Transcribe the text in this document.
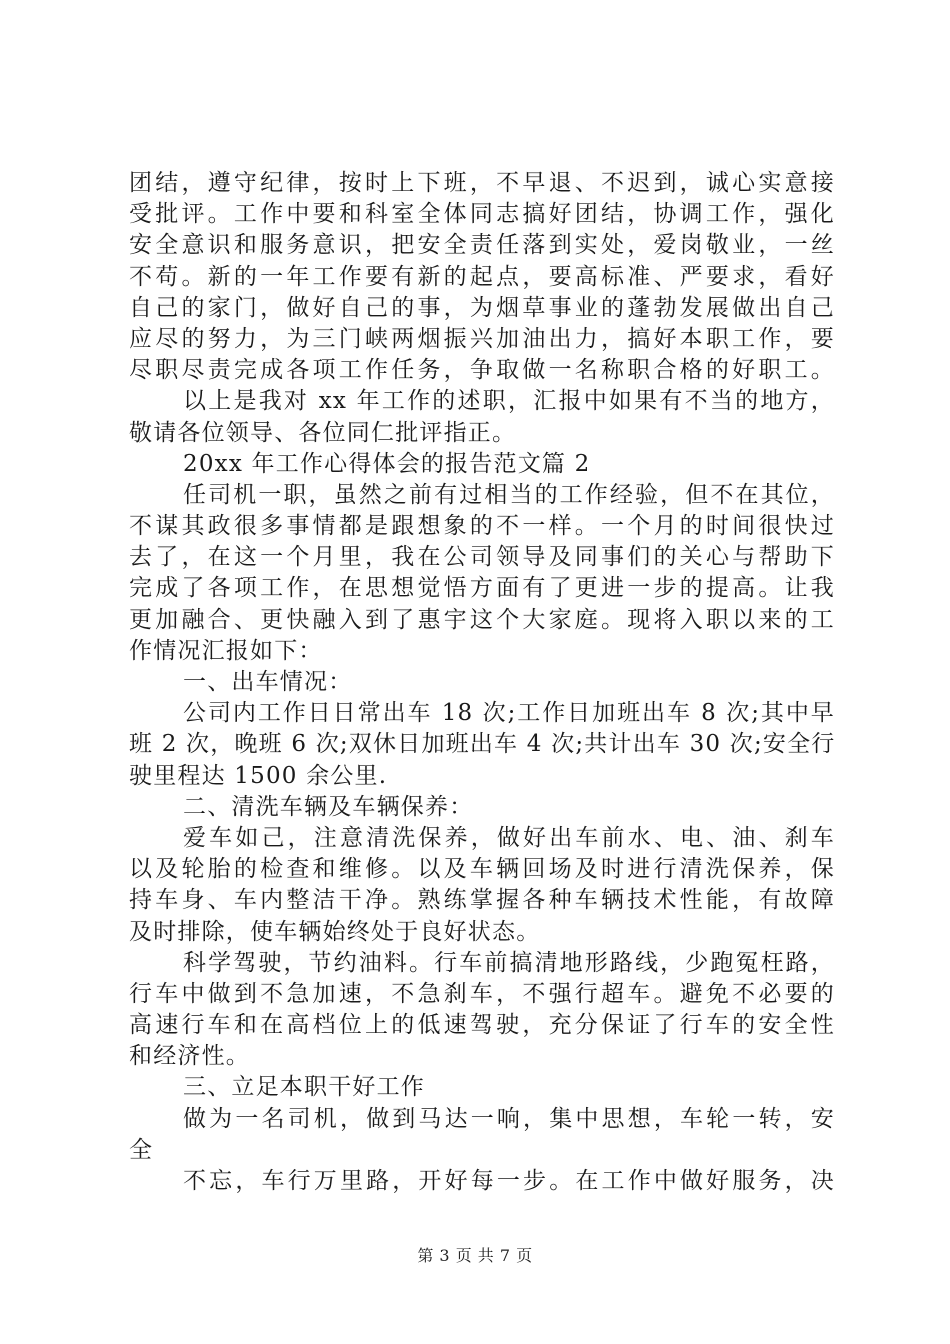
团结，遵守纪律，按时上下班，不早退、不迟到，诚心实意接
受批评。工作中要和科室全体同志搞好团结，协调工作，强化
安全意识和服务意识，把安全责任落到实处，爱岗敬业，一丝
不苟。新的一年工作要有新的起点，要高标准、严要求，看好
自己的家门，做好自己的事，为烟草事业的蓬勃发展做出自己
应尽的努力，为三门峡两烟振兴加油出力，搞好本职工作，要
尽职尽责完成各项工作任务，争取做一名称职合格的好职工。
以上是我对 xx 年工作的述职，汇报中如果有不当的地方，
敬请各位领导、各位同仁批评指正。
20xx 年工作心得体会的报告范文篇 2
任司机一职，虽然之前有过相当的工作经验，但不在其位，
不谋其政很多事情都是跟想象的不一样。一个月的时间很快过
去了，在这一个月里，我在公司领导及同事们的关心与帮助下
完成了各项工作，在思想觉悟方面有了更进一步的提高。让我
更加融合、更快融入到了惠宇这个大家庭。现将入职以来的工
作情况汇报如下：
一、出车情况：
公司内工作日日常出车 18 次;工作日加班出车 8 次;其中早
班 2 次，晚班 6 次;双休日加班出车 4 次;共计出车 30 次;安全行
驶里程达 1500 余公里.
二、清洗车辆及车辆保养：
爱车如己，注意清洗保养，做好出车前水、电、油、刹车
以及轮胎的检查和维修。以及车辆回场及时进行清洗保养，保
持车身、车内整洁干净。熟练掌握各种车辆技术性能，有故障
及时排除，使车辆始终处于良好状态。
科学驾驶，节约油料。行车前搞清地形路线，少跑冤枉路，
行车中做到不急加速，不急刹车，不强行超车。避免不必要的
高速行车和在高档位上的低速驾驶，充分保证了行车的安全性
和经济性。
三、立足本职干好工作
做为一名司机，做到马达一响，集中思想，车轮一转，安
全
不忘，车行万里路，开好每一步。在工作中做好服务，决
第 3 页 共 7 页
